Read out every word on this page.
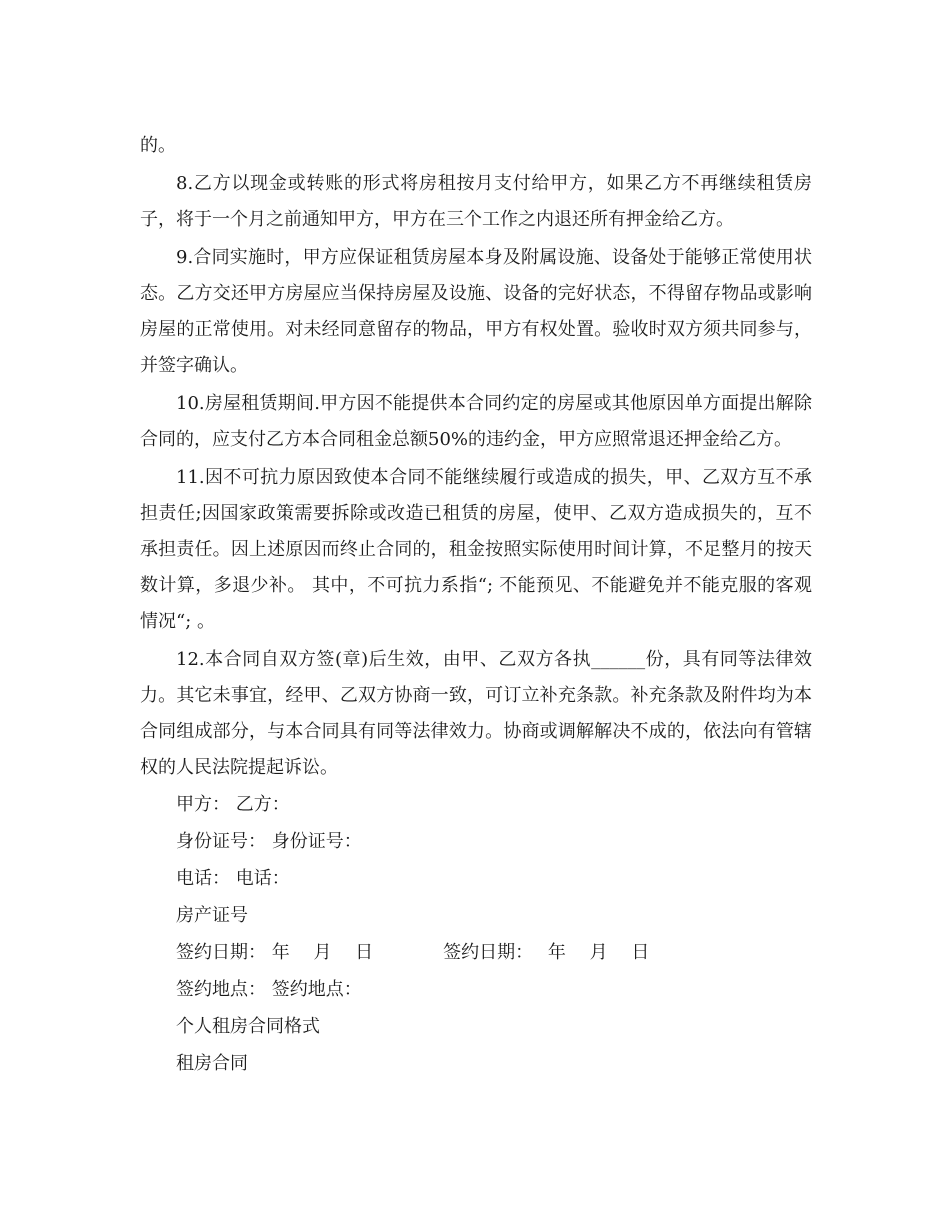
的。

8.乙方以现金或转账的形式将房租按月支付给甲方，如果乙方不再继续租赁房子，将于一个月之前通知甲方，甲方在三个工作之内退还所有押金给乙方。

9.合同实施时，甲方应保证租赁房屋本身及附属设施、设备处于能够正常使用状态。乙方交还甲方房屋应当保持房屋及设施、设备的完好状态，不得留存物品或影响房屋的正常使用。对未经同意留存的物品，甲方有权处置。验收时双方须共同参与，并签字确认。

10.房屋租赁期间.甲方因不能提供本合同约定的房屋或其他原因单方面提出解除合同的，应支付乙方本合同租金总额50%的违约金，甲方应照常退还押金给乙方。

11.因不可抗力原因致使本合同不能继续履行或造成的损失，甲、乙双方互不承担责任;因国家政策需要拆除或改造已租赁的房屋，使甲、乙双方造成损失的，互不承担责任。因上述原因而终止合同的，租金按照实际使用时间计算，不足整月的按天数计算，多退少补。 其中，不可抗力系指“; 不能预见、不能避免并不能克服的客观情况“; 。

12.本合同自双方签(章)后生效，由甲、乙双方各执______份，具有同等法律效力。其它未事宜，经甲、乙双方协商一致，可订立补充条款。补充条款及附件均为本合同组成部分，与本合同具有同等法律效力。协商或调解解决不成的，依法向有管辖权的人民法院提起诉讼。

甲方： 乙方：

身份证号： 身份证号：

电话： 电话：

房产证号

签约日期： 年　 月　 日	签约日期：　 年　 月　 日

签约地点： 签约地点：

个人租房合同格式

租房合同
